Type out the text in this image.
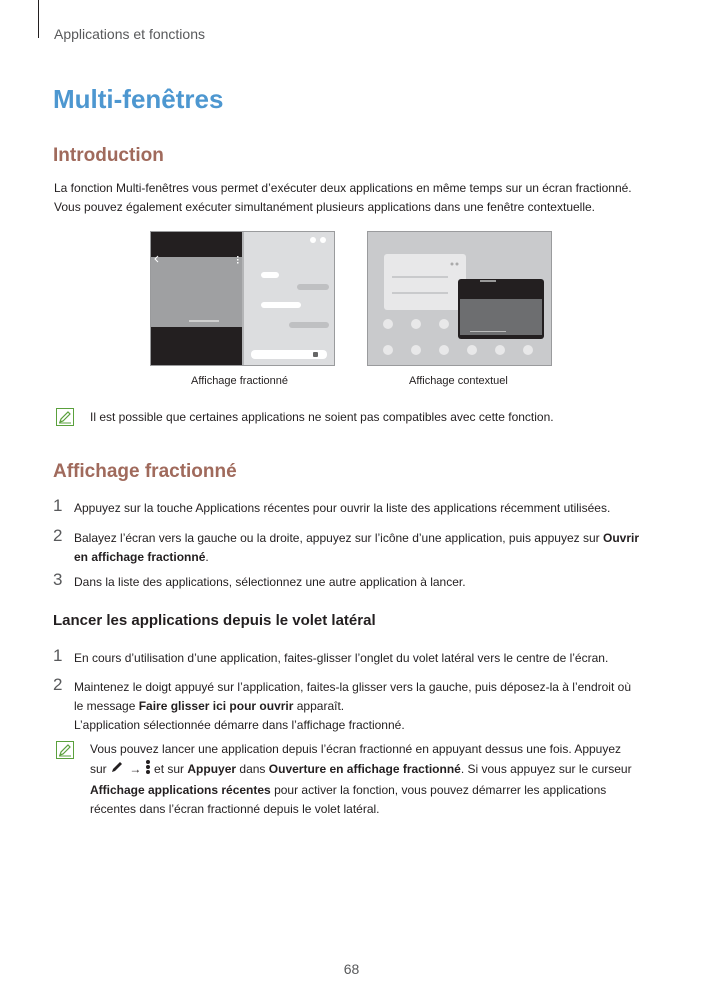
Applications et fonctions
Multi-fenêtres
Introduction

La fonction Multi-fenêtres vous permet d’exécuter deux applications en même temps sur un écran fractionné.
Vous pouvez également exécuter simultanément plusieurs applications dans une fenêtre contextuelle.

Affichage fractionné	Affichage contextuel

Il est possible que certaines applications ne soient pas compatibles avec cette fonction.

Affichage fractionné
1 Appuyez sur la touche Applications récentes pour ouvrir la liste des applications récemment utilisées.

2 Balayez l’écran vers la gauche ou la droite, appuyez sur l’icône d’une application, puis appuyez sur Ouvrir
en affichage fractionné.

3 Dans la liste des applications, sélectionnez une autre application à lancer.

Lancer les applications depuis le volet latéral
1 En cours d’utilisation d’une application, faites-glisser l’onglet du volet latéral vers le centre de l’écran.

2 Maintenez le doigt appuyé sur l’application, faites-la glisser vers la gauche, puis déposez-la à l’endroit où
le message Faire glisser ici pour ouvrir apparaît.
L’application sélectionnée démarre dans l’affichage fractionné.

Vous pouvez lancer une application depuis l’écran fractionné en appuyant dessus une fois. Appuyez
sur  →  et sur Appuyer dans Ouverture en affichage fractionné. Si vous appuyez sur le curseur
Affichage applications récentes pour activer la fonction, vous pouvez démarrer les applications
récentes dans l’écran fractionné depuis le volet latéral.

68
